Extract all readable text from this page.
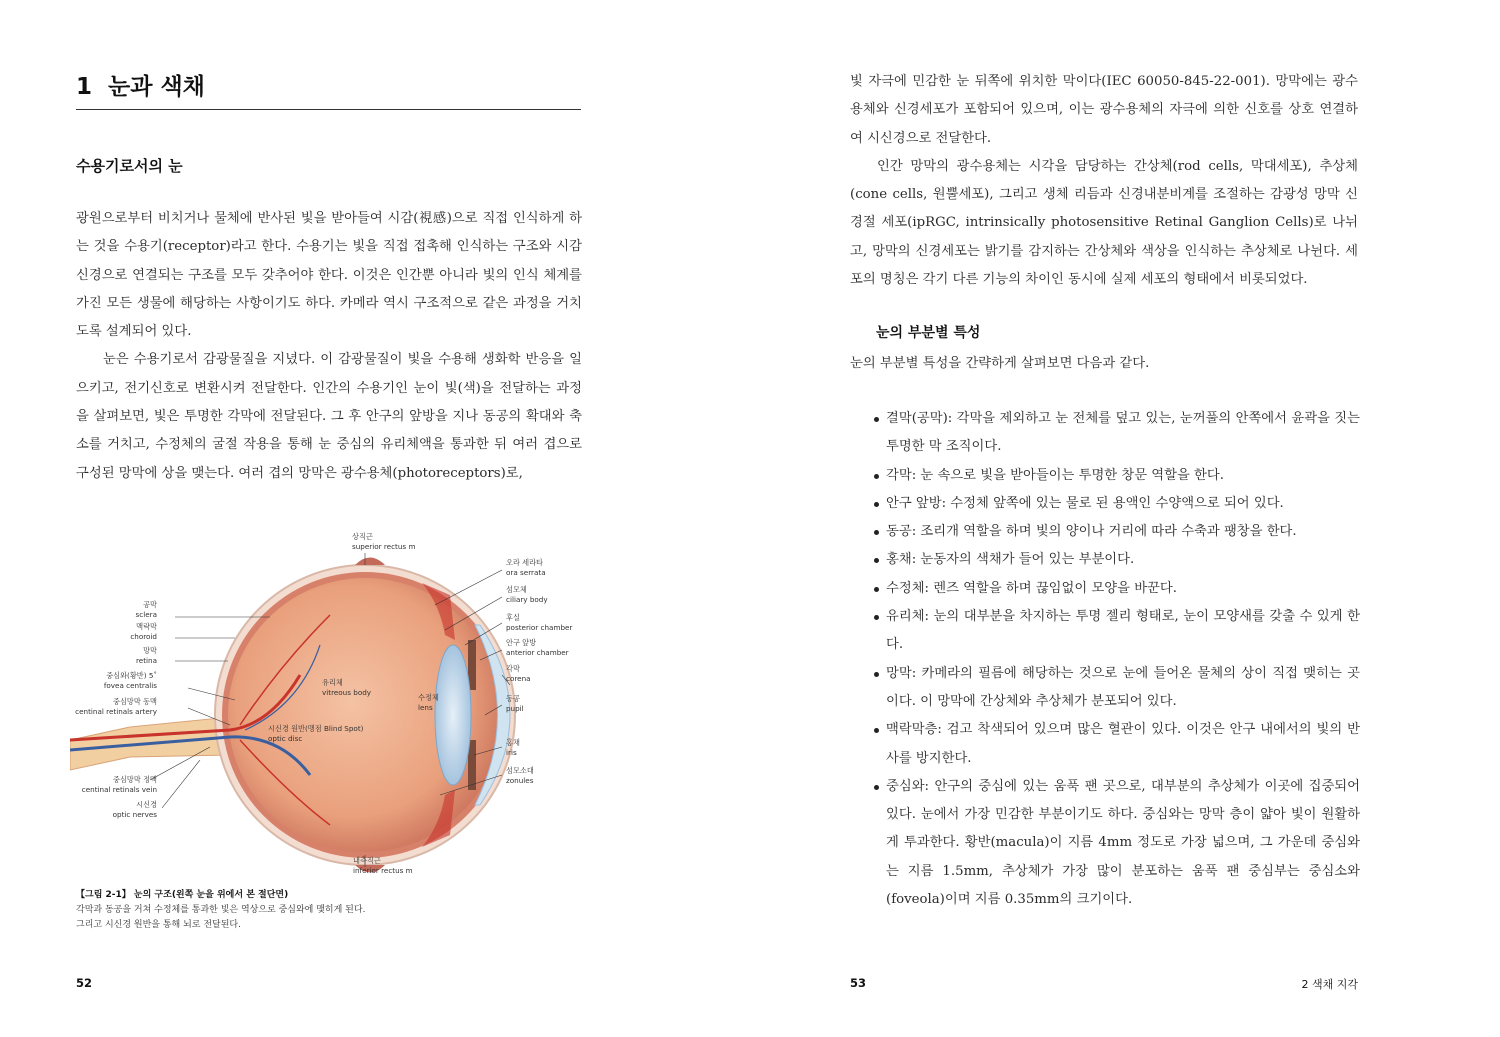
1 눈과 색채
수용기로서의 눈

광원으로부터 비치거나 물체에 반사된 빛을 받아들여 시감(視感)으로 직접 인식하게 하는 것을 수용기(receptor)라고 한다. 수용기는 빛을 직접 접촉해 인식하는 구조와 시감 신경으로 연결되는 구조를 모두 갖추어야 한다. 이것은 인간뿐 아니라 빛의 인식 체계를 가진 모든 생물에 해당하는 사항이기도 하다. 카메라 역시 구조적으로 같은 과정을 거치도록 설계되어 있다.

눈은 수용기로서 감광물질을 지녔다. 이 감광물질이 빛을 수용해 생화학 반응을 일으키고, 전기신호로 변환시켜 전달한다. 인간의 수용기인 눈이 빛(색)을 전달하는 과정을 살펴보면, 빛은 투명한 각막에 전달된다. 그 후 안구의 앞방을 지나 동공의 확대와 축소를 거치고, 수정체의 굴절 작용을 통해 눈 중심의 유리체액을 통과한 뒤 여러 겹으로 구성된 망막에 상을 맺는다. 여러 겹의 망막은 광수용체(photoreceptors)로,

상직근
superior rectus m
오라 세라타
ora serrata
섬모체
ciliary body
후실
posterior chamber
안구 앞방
anterior chamber
각막
corena
동공
pupil
홍채
iris
섬모소대
zonules
공막
sclera
맥락막
choroid
망막
retina
중심와(황반) 5˚
fovea centralis
중심망막 동맥
centinal retinals artery
중심망막 정맥
centinal retinals vein
시신경
optic nerves
내측직근
inferior rectus m
유리체
vitreous body
수정체
lens
시신경 원반(맹점 Blind Spot)
optic disc
【그림 2-1】 눈의 구조(왼쪽 눈을 위에서 본 절단면)
각막과 동공을 거쳐 수정체를 통과한 빛은 역상으로 중심와에 맺히게 된다.
그리고 시신경 원반을 통해 뇌로 전달된다.
52

빛 자극에 민감한 눈 뒤쪽에 위치한 막이다(IEC 60050-845-22-001). 망막에는 광수용체와 신경세포가 포함되어 있으며, 이는 광수용체의 자극에 의한 신호를 상호 연결하여 시신경으로 전달한다.

인간 망막의 광수용체는 시각을 담당하는 간상체(rod cells, 막대세포), 추상체(cone cells, 원뿔세포), 그리고 생체 리듬과 신경내분비계를 조절하는 감광성 망막 신경절 세포(ipRGC, intrinsically photosensitive Retinal Ganglion Cells)로 나뉘고, 망막의 신경세포는 밝기를 감지하는 간상체와 색상을 인식하는 추상체로 나뉜다. 세포의 명칭은 각기 다른 기능의 차이인 동시에 실제 세포의 형태에서 비롯되었다.

눈의 부분별 특성
눈의 부분별 특성을 간략하게 살펴보면 다음과 같다.
결막(공막): 각막을 제외하고 눈 전체를 덮고 있는, 눈꺼풀의 안쪽에서 윤곽을 짓는 투명한 막 조직이다.
각막: 눈 속으로 빛을 받아들이는 투명한 창문 역할을 한다.
안구 앞방: 수정체 앞쪽에 있는 물로 된 용액인 수양액으로 되어 있다.
동공: 조리개 역할을 하며 빛의 양이나 거리에 따라 수축과 팽창을 한다.
홍채: 눈동자의 색채가 들어 있는 부분이다.
수정체: 렌즈 역할을 하며 끊임없이 모양을 바꾼다.
유리체: 눈의 대부분을 차지하는 투명 젤리 형태로, 눈이 모양새를 갖출 수 있게 한다.
망막: 카메라의 필름에 해당하는 것으로 눈에 들어온 물체의 상이 직접 맺히는 곳이다. 이 망막에 간상체와 추상체가 분포되어 있다.
맥락막층: 검고 착색되어 있으며 많은 혈관이 있다. 이것은 안구 내에서의 빛의 반사를 방지한다.
중심와: 안구의 중심에 있는 움푹 팬 곳으로, 대부분의 추상체가 이곳에 집중되어 있다. 눈에서 가장 민감한 부분이기도 하다. 중심와는 망막 층이 얇아 빛이 원활하게 투과한다. 황반(macula)이 지름 4mm 정도로 가장 넓으며, 그 가운데 중심와는 지름 1.5mm, 추상체가 가장 많이 분포하는 움푹 팬 중심부는 중심소와(foveola)이며 지름 0.35mm의 크기이다.
53	2 색채 지각
